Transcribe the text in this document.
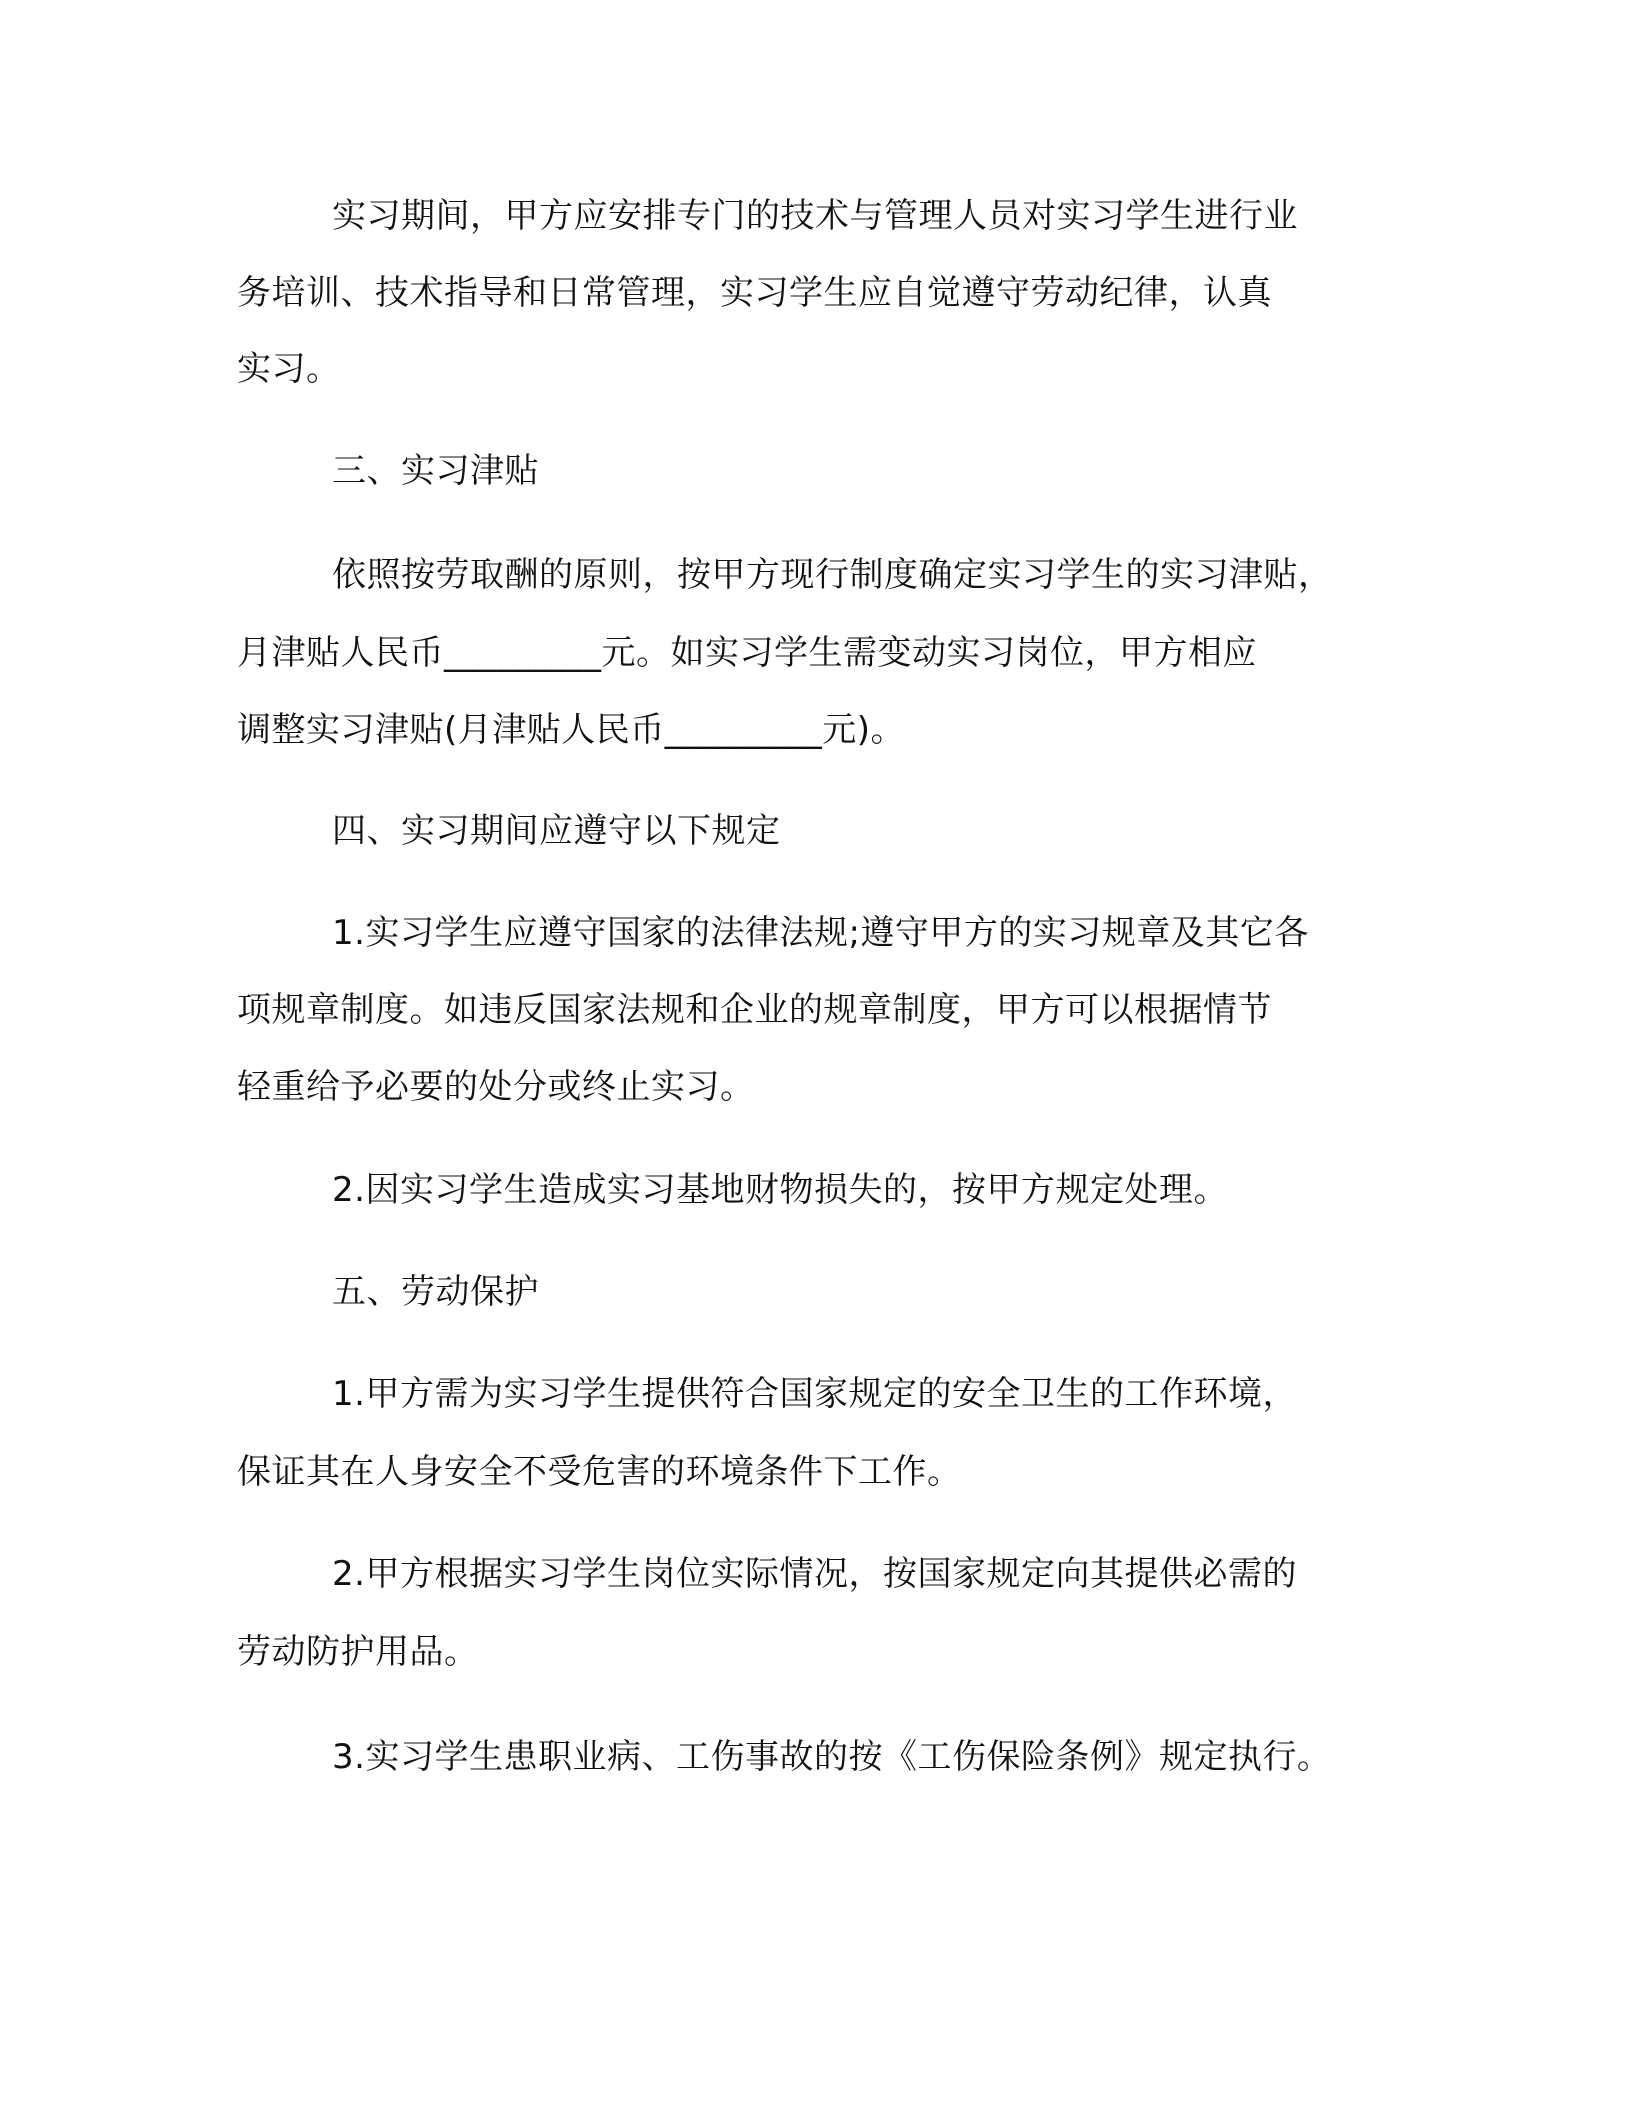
实习期间，甲方应安排专门的技术与管理人员对实习学生进行业

务培训、技术指导和日常管理，实习学生应自觉遵守劳动纪律，认真

实习。

三、实习津贴

依照按劳取酬的原则，按甲方现行制度确定实习学生的实习津贴，

月津贴人民币_________元。如实习学生需变动实习岗位，甲方相应

调整实习津贴(月津贴人民币_________元)。

四、实习期间应遵守以下规定

1.实习学生应遵守国家的法律法规;遵守甲方的实习规章及其它各

项规章制度。如违反国家法规和企业的规章制度，甲方可以根据情节

轻重给予必要的处分或终止实习。

2.因实习学生造成实习基地财物损失的，按甲方规定处理。

五、劳动保护

1.甲方需为实习学生提供符合国家规定的安全卫生的工作环境，

保证其在人身安全不受危害的环境条件下工作。

2.甲方根据实习学生岗位实际情况，按国家规定向其提供必需的

劳动防护用品。

3.实习学生患职业病、工伤事故的按《工伤保险条例》规定执行。
